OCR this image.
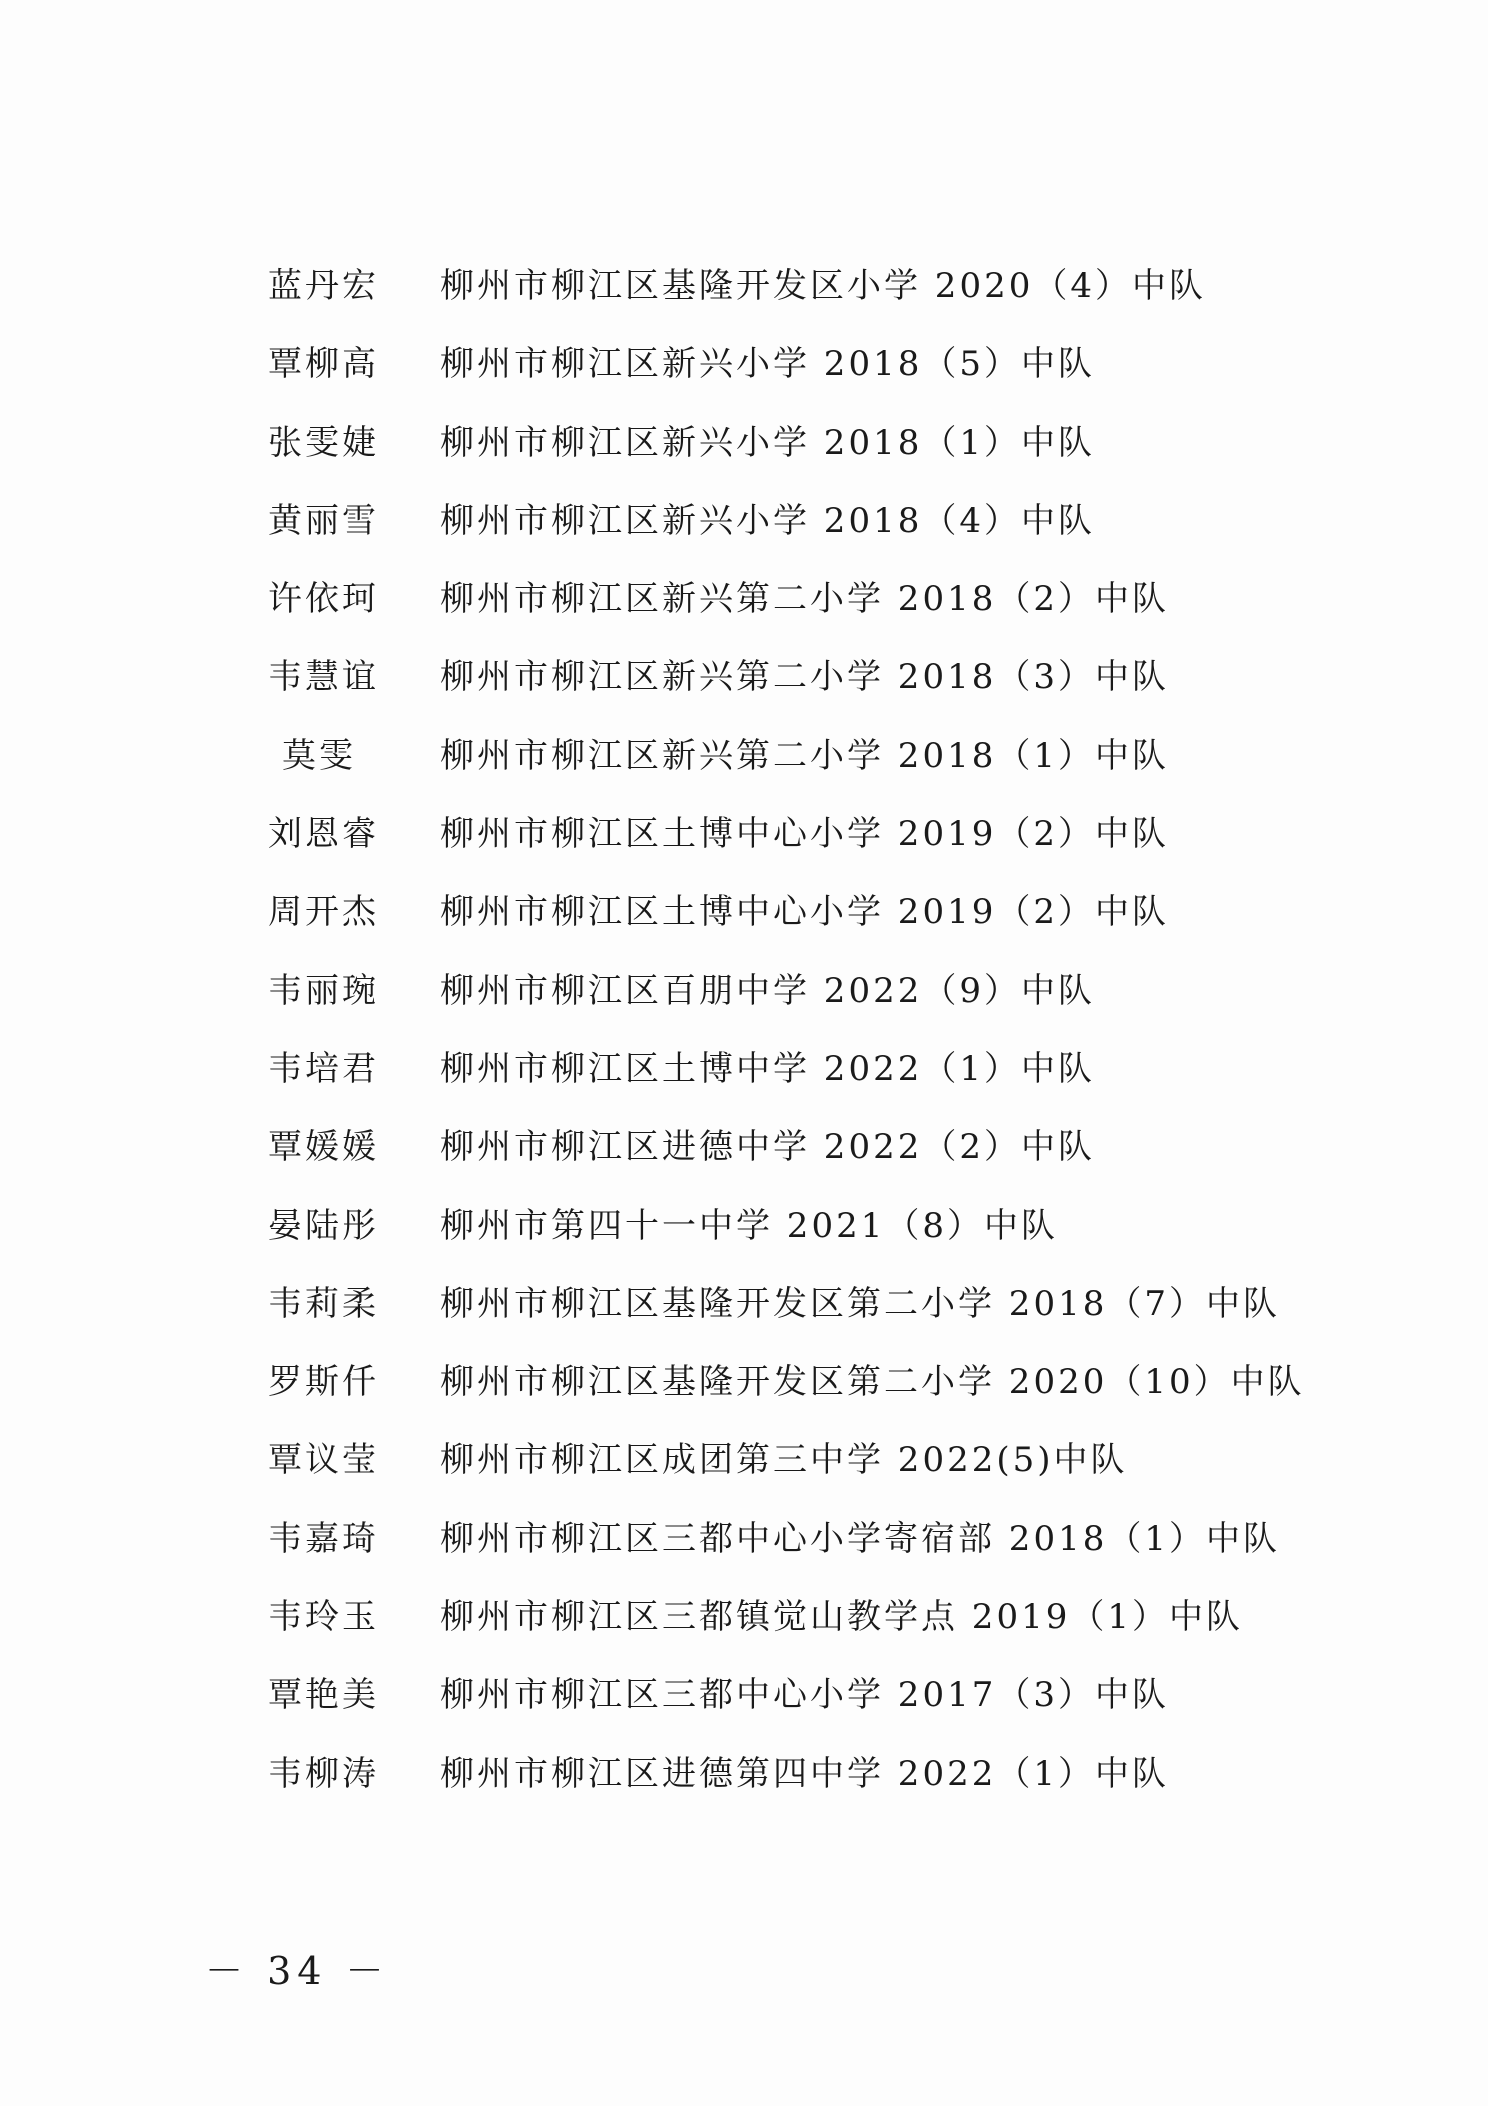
蓝丹宏	柳州市柳江区基隆开发区小学 2020（4）中队
覃柳高	柳州市柳江区新兴小学 2018（5）中队
张雯婕	柳州市柳江区新兴小学 2018（1）中队
黄丽雪	柳州市柳江区新兴小学 2018（4）中队
许依珂	柳州市柳江区新兴第二小学 2018（2）中队
韦慧谊	柳州市柳江区新兴第二小学 2018（3）中队
莫雯	柳州市柳江区新兴第二小学 2018（1）中队
刘恩睿	柳州市柳江区土博中心小学 2019（2）中队
周开杰	柳州市柳江区土博中心小学 2019（2）中队
韦丽琬	柳州市柳江区百朋中学 2022（9）中队
韦培君	柳州市柳江区土博中学 2022（1）中队
覃媛媛	柳州市柳江区进德中学 2022（2）中队
晏陆彤	柳州市第四十一中学 2021（8）中队
韦莉柔	柳州市柳江区基隆开发区第二小学 2018（7）中队
罗斯仟	柳州市柳江区基隆开发区第二小学 2020（10）中队
覃议莹	柳州市柳江区成团第三中学 2022(5)中队
韦嘉琦	柳州市柳江区三都中心小学寄宿部 2018（1）中队
韦玲玉	柳州市柳江区三都镇觉山教学点 2019（1）中队
覃艳美	柳州市柳江区三都中心小学 2017（3）中队
韦柳涛	柳州市柳江区进德第四中学 2022（1）中队
－ 34 －
